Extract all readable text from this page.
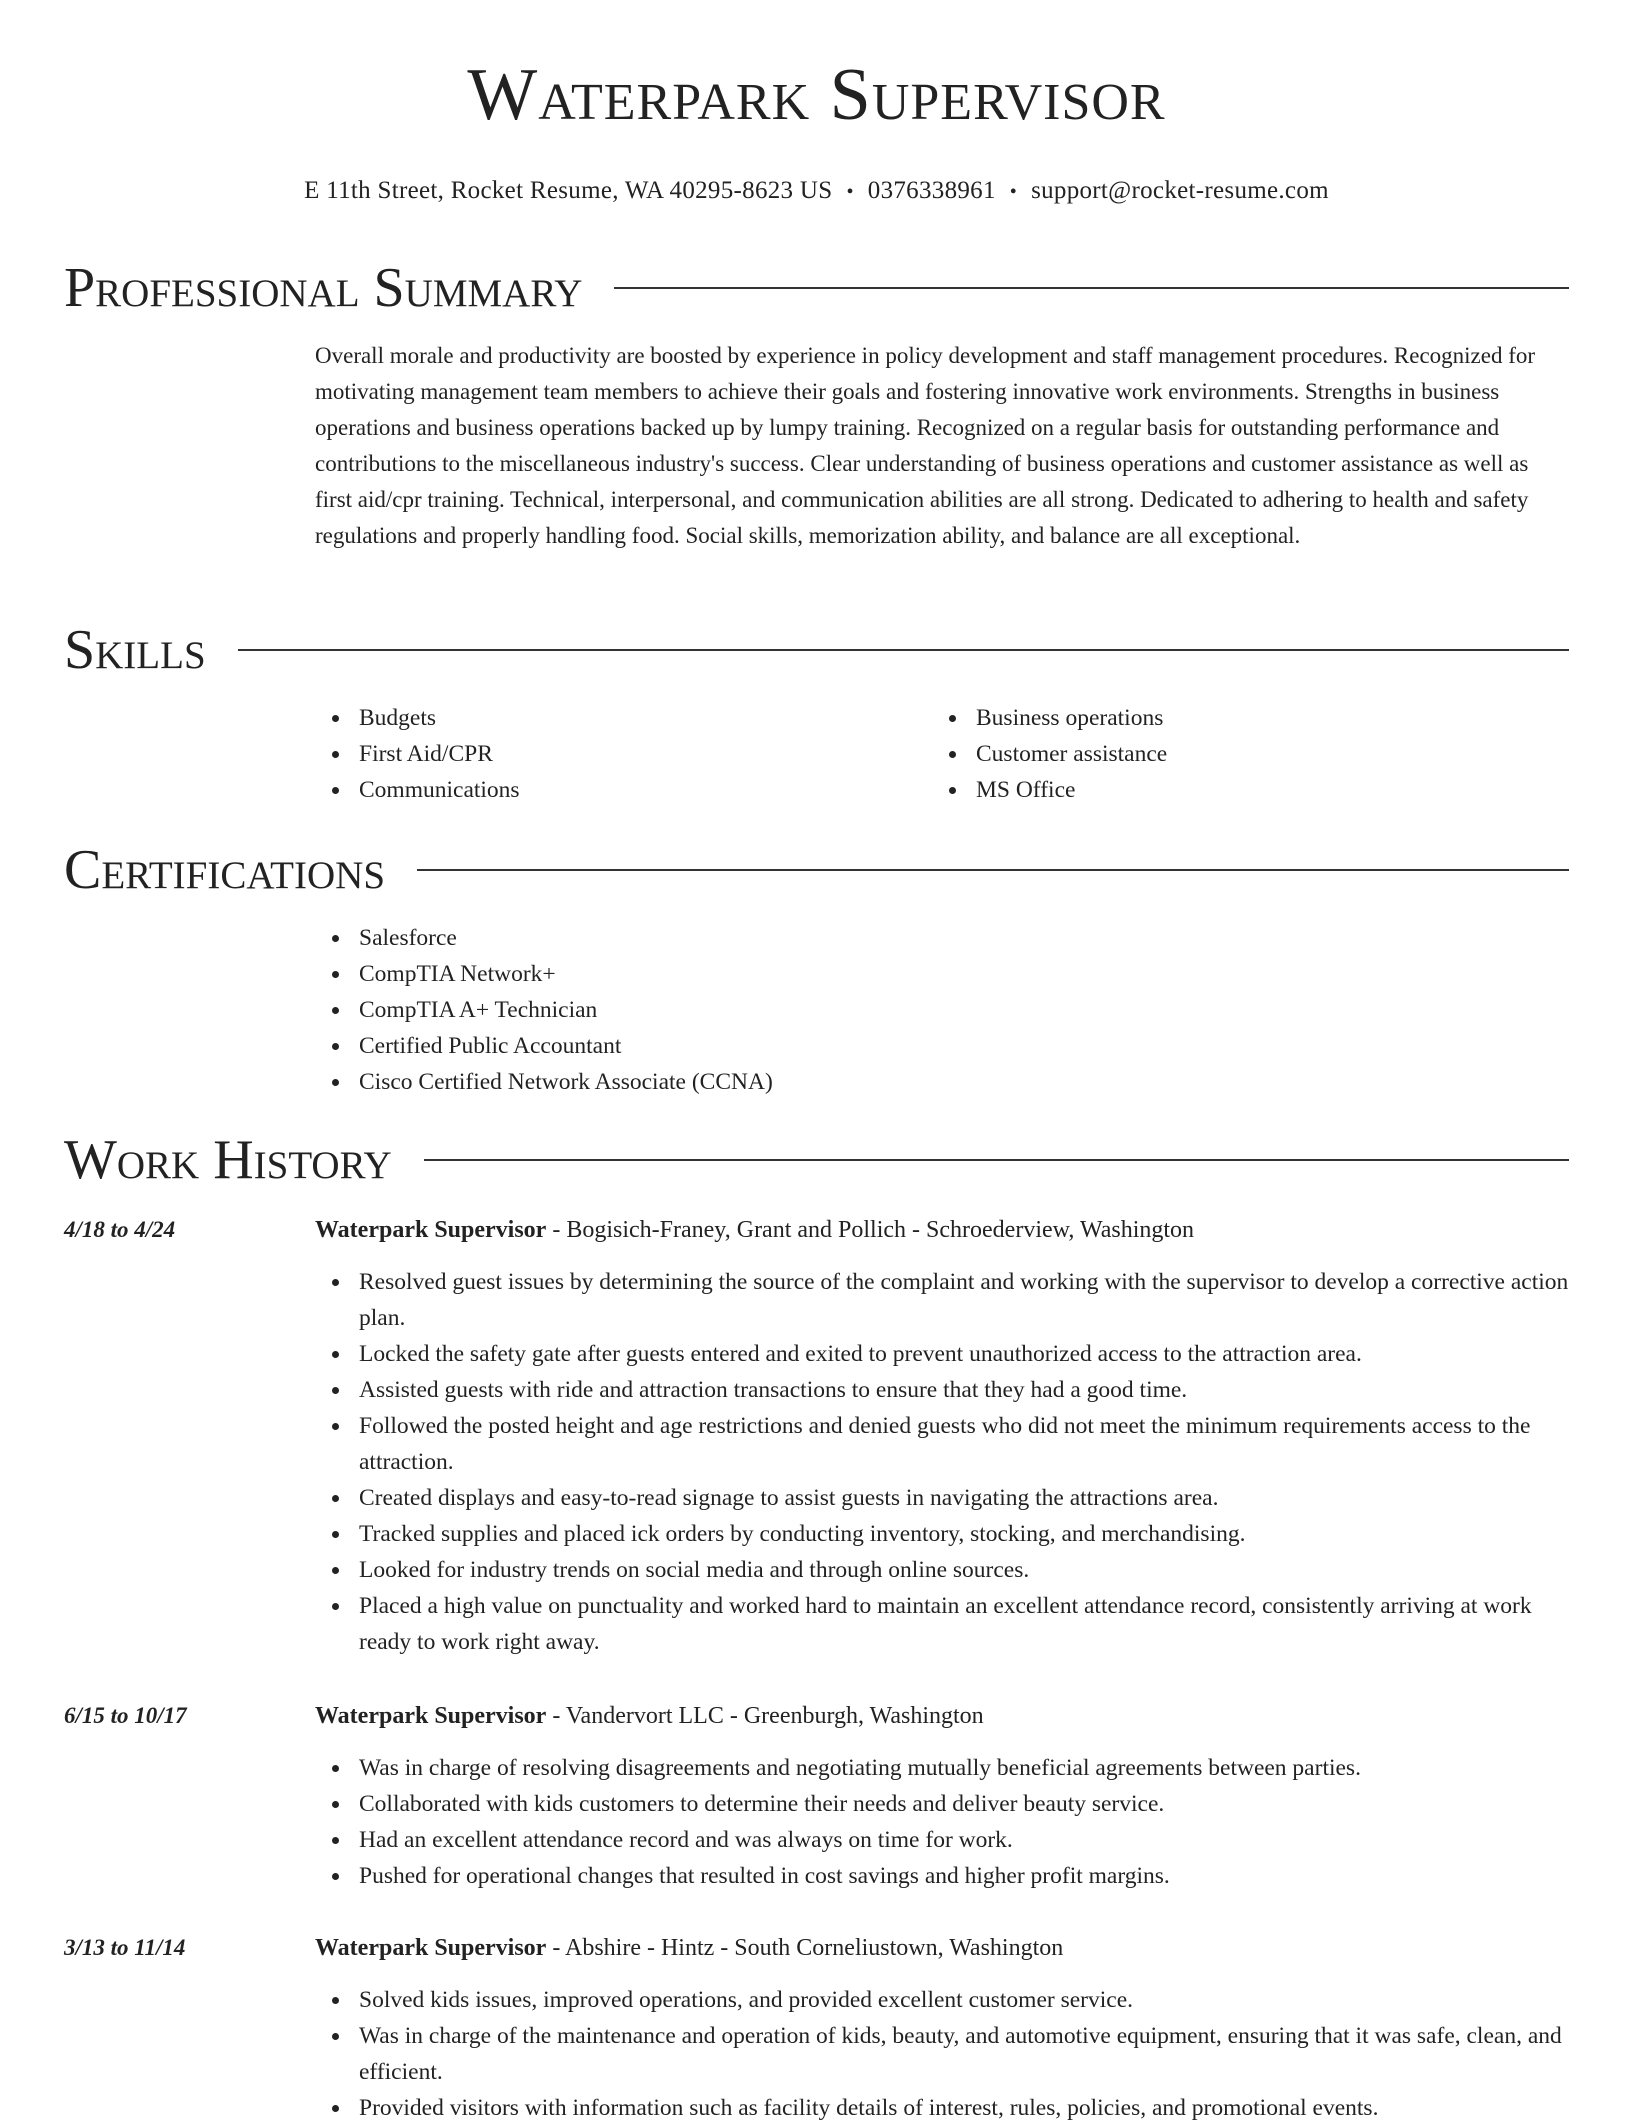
Waterpark Supervisor
E 11th Street, Rocket Resume, WA 40295-8623 US • 0376338961 • support@rocket-resume.com
Professional Summary

Overall morale and productivity are boosted by experience in policy development and staff management procedures. Recognized for motivating management team members to achieve their goals and fostering innovative work environments. Strengths in business operations and business operations backed up by lumpy training. Recognized on a regular basis for outstanding performance and contributions to the miscellaneous industry's success. Clear understanding of business operations and customer assistance as well as first aid/cpr training. Technical, interpersonal, and communication abilities are all strong. Dedicated to adhering to health and safety regulations and properly handling food. Social skills, memorization ability, and balance are all exceptional.

Skills
Budgets
First Aid/CPR
Communications
Business operations
Customer assistance
MS Office
Certifications
Salesforce
CompTIA Network+
CompTIA A+ Technician
Certified Public Accountant
Cisco Certified Network Associate (CCNA)
Work History
4/18 to 4/24	Waterpark Supervisor - Bogisich-Franey, Grant and Pollich - Schroederview, Washington
Resolved guest issues by determining the source of the complaint and working with the supervisor to develop a corrective action plan.
Locked the safety gate after guests entered and exited to prevent unauthorized access to the attraction area.
Assisted guests with ride and attraction transactions to ensure that they had a good time.
Followed the posted height and age restrictions and denied guests who did not meet the minimum requirements access to the attraction.
Created displays and easy-to-read signage to assist guests in navigating the attractions area.
Tracked supplies and placed ick orders by conducting inventory, stocking, and merchandising.
Looked for industry trends on social media and through online sources.
Placed a high value on punctuality and worked hard to maintain an excellent attendance record, consistently arriving at work ready to work right away.
6/15 to 10/17	Waterpark Supervisor - Vandervort LLC - Greenburgh, Washington
Was in charge of resolving disagreements and negotiating mutually beneficial agreements between parties.
Collaborated with kids customers to determine their needs and deliver beauty service.
Had an excellent attendance record and was always on time for work.
Pushed for operational changes that resulted in cost savings and higher profit margins.
3/13 to 11/14	Waterpark Supervisor - Abshire - Hintz - South Corneliustown, Washington
Solved kids issues, improved operations, and provided excellent customer service.
Was in charge of the maintenance and operation of kids, beauty, and automotive equipment, ensuring that it was safe, clean, and efficient.
Provided visitors with information such as facility details of interest, rules, policies, and promotional events.
